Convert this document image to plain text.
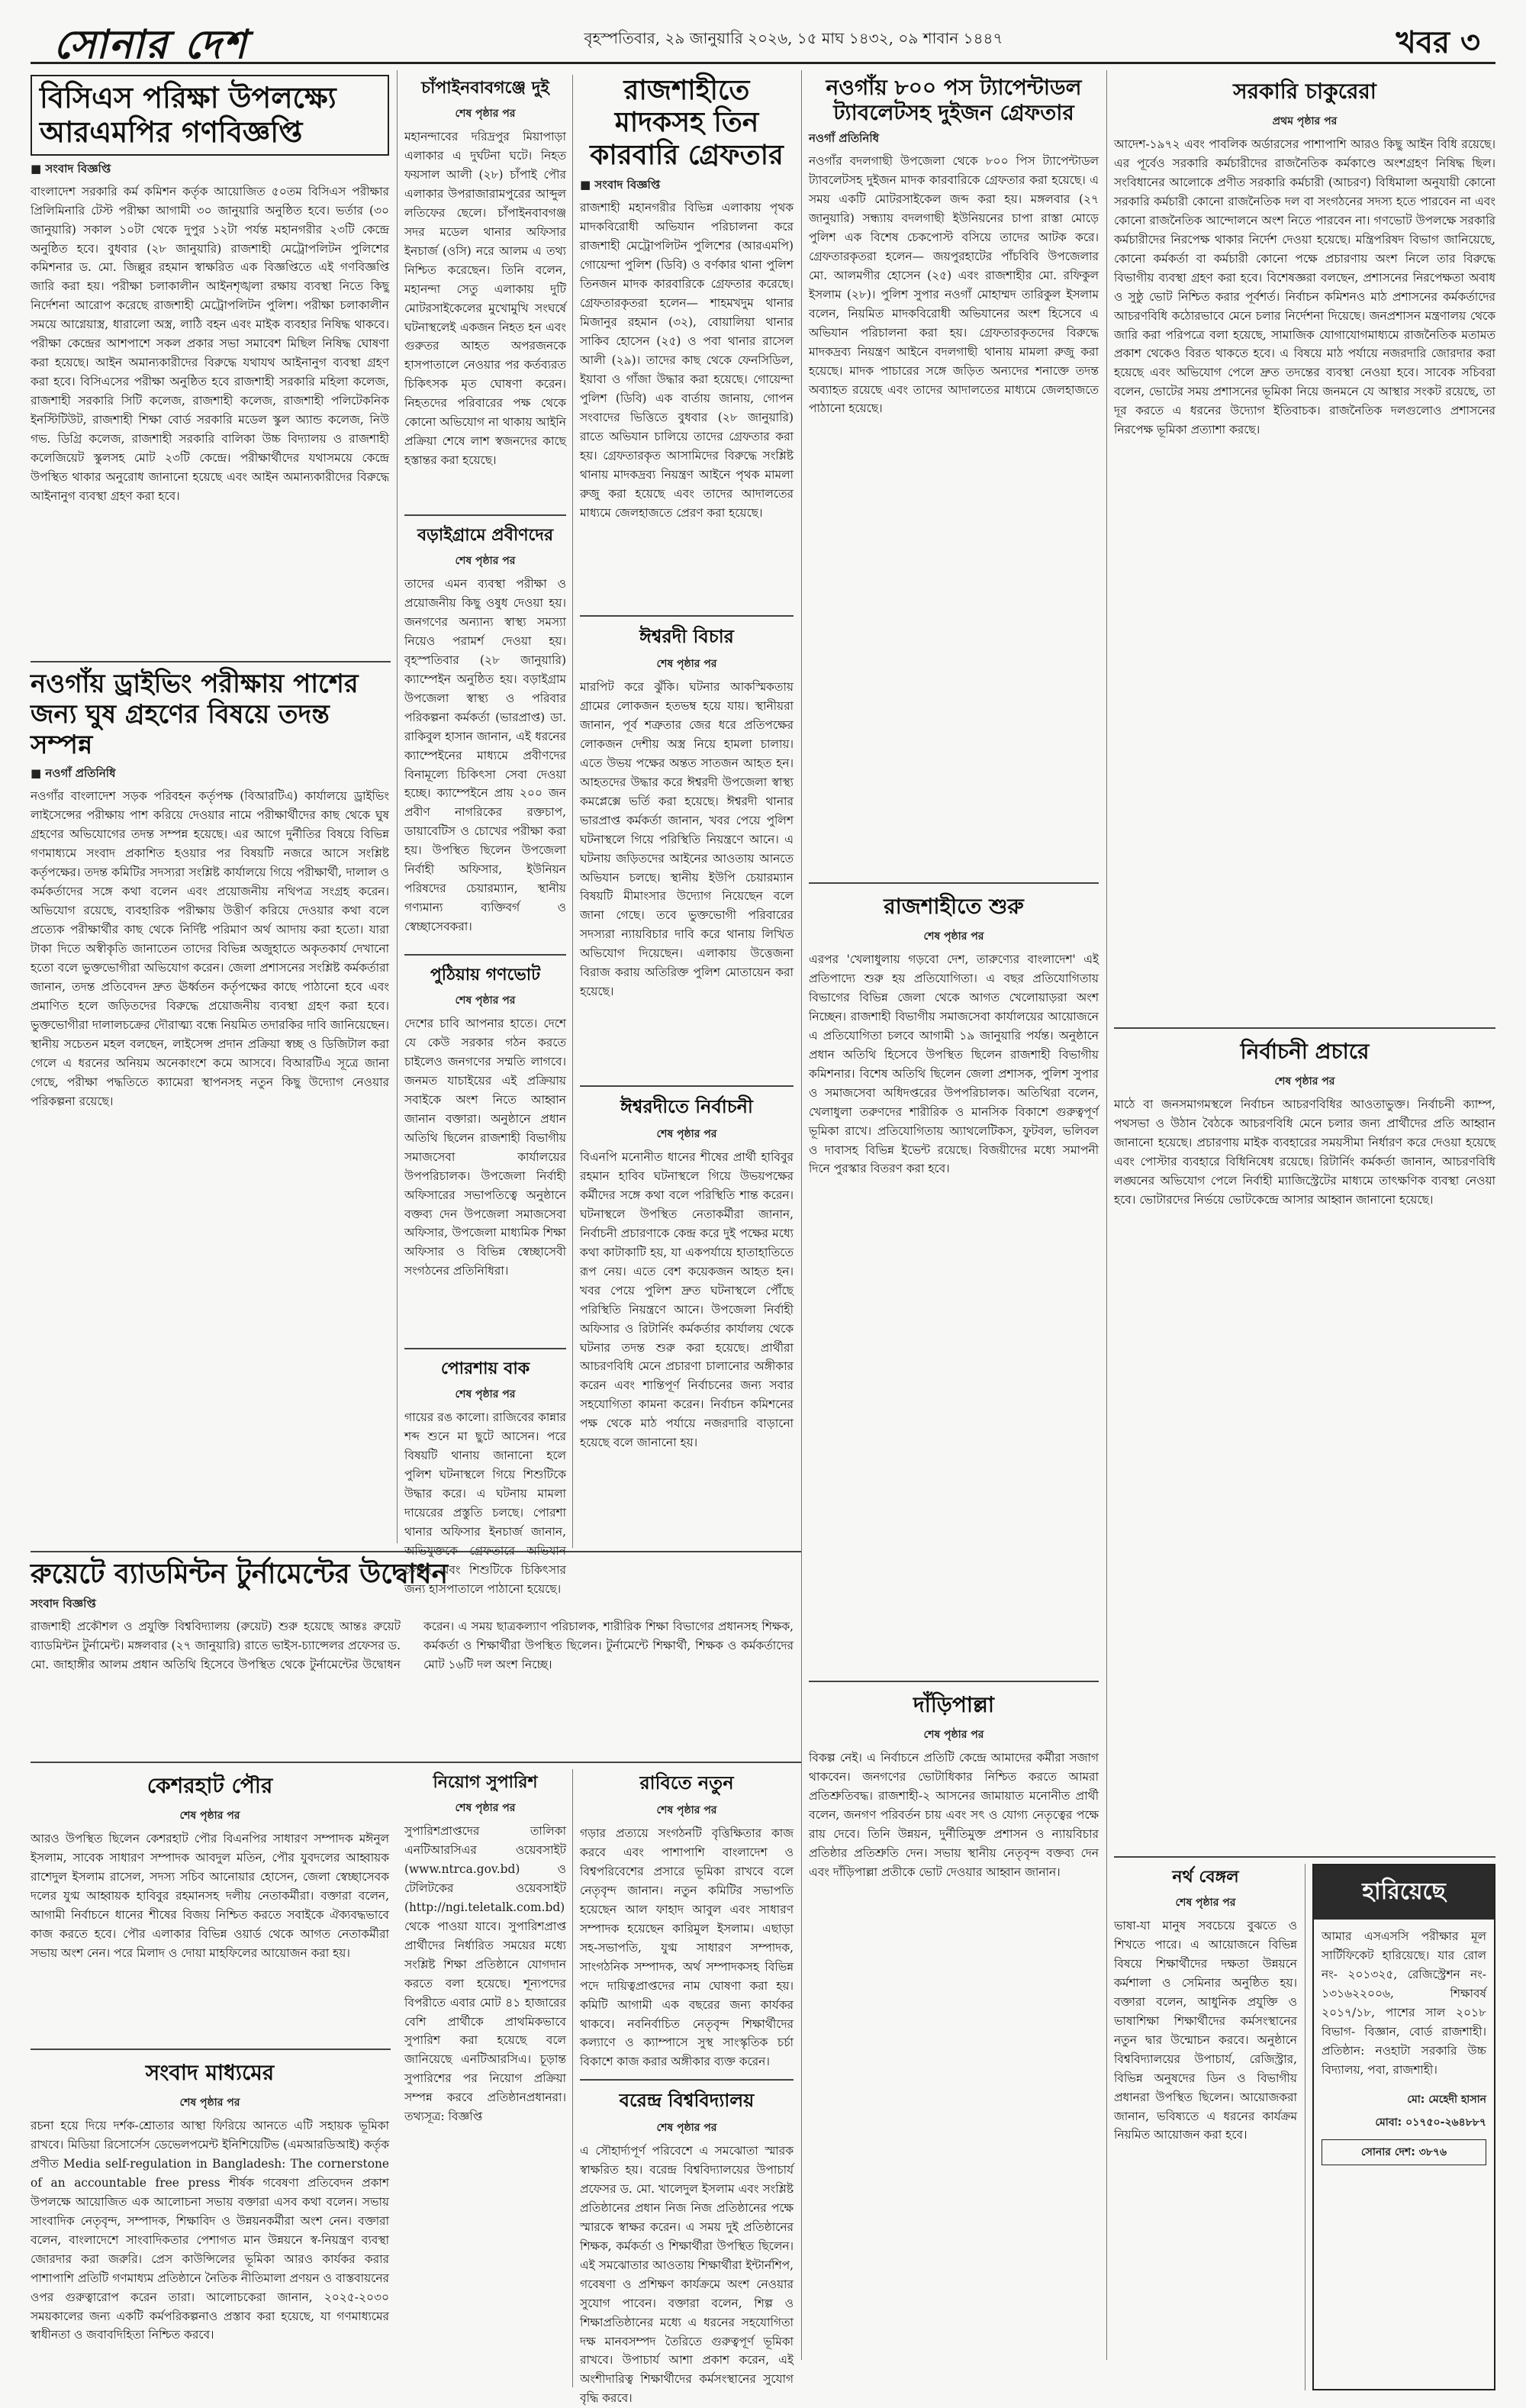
সোনার দেশ	বৃহস্পতিবার, ২৯ জানুয়ারি ২০২৬, ১৫ মাঘ ১৪৩২, ০৯ শাবান ১৪৪৭	খবর ৩
বিসিএস পরিক্ষা উপলক্ষ্যে আরএমপির গণবিজ্ঞপ্তি
■ সংবাদ বিজ্ঞপ্তি
বাংলাদেশ সরকারি কর্ম কমিশন কর্তৃক আয়োজিত ৫০তম বিসিএস পরীক্ষার প্রিলিমিনারি টেস্ট পরীক্ষা আগামী ৩০ জানুয়ারি অনুষ্ঠিত হবে। ভর্তার (৩০ জানুয়ারি) সকাল ১০টা থেকে দুপুর ১২টা পর্যন্ত মহানগরীর ২৩টি কেন্দ্রে অনুষ্ঠিত হবে। বুধবার (২৮ জানুয়ারি) রাজশাহী মেট্রোপলিটন পুলিশের কমিশনার ড. মো. জিল্লুর রহমান স্বাক্ষরিত এক বিজ্ঞপ্তিতে এই গণবিজ্ঞপ্তি জারি করা হয়। পরীক্ষা চলাকালীন আইনশৃঙ্খলা রক্ষায় ব্যবস্থা নিতে কিছু নির্দেশনা আরোপ করেছে রাজশাহী মেট্রোপলিটন পুলিশ। পরীক্ষা চলাকালীন সময়ে আগ্নেয়াস্ত্র, ধারালো অস্ত্র, লাঠি বহন এবং মাইক ব্যবহার নিষিদ্ধ থাকবে। পরীক্ষা কেন্দ্রের আশপাশে সকল প্রকার সভা সমাবেশ মিছিল নিষিদ্ধ ঘোষণা করা হয়েছে। আইন অমান্যকারীদের বিরুদ্ধে যথাযথ আইনানুগ ব্যবস্থা গ্রহণ করা হবে। বিসিএসের পরীক্ষা অনুষ্ঠিত হবে রাজশাহী সরকারি মহিলা কলেজ, রাজশাহী সরকারি সিটি কলেজ, রাজশাহী কলেজ, রাজশাহী পলিটেকনিক ইনস্টিটিউট, রাজশাহী শিক্ষা বোর্ড সরকারি মডেল স্কুল অ্যান্ড কলেজ, নিউ গভ. ডিগ্রি কলেজ, রাজশাহী সরকারি বালিকা উচ্চ বিদ্যালয় ও রাজশাহী কলেজিয়েট স্কুলসহ মোট ২৩টি কেন্দ্রে। পরীক্ষার্থীদের যথাসময়ে কেন্দ্রে উপস্থিত থাকার অনুরোধ জানানো হয়েছে এবং আইন অমান্যকারীদের বিরুদ্ধে আইনানুগ ব্যবস্থা গ্রহণ করা হবে।
নওগাঁয় ড্রাইভিং পরীক্ষায় পাশের জন্য ঘুষ গ্রহণের বিষয়ে তদন্ত সম্পন্ন
■ নওগাঁ প্রতিনিধি
নওগাঁর বাংলাদেশ সড়ক পরিবহন কর্তৃপক্ষ (বিআরটিএ) কার্যালয়ে ড্রাইভিং লাইসেন্সের পরীক্ষায় পাশ করিয়ে দেওয়ার নামে পরীক্ষার্থীদের কাছ থেকে ঘুষ গ্রহণের অভিযোগের তদন্ত সম্পন্ন হয়েছে। এর আগে দুর্নীতির বিষয়ে বিভিন্ন গণমাধ্যমে সংবাদ প্রকাশিত হওয়ার পর বিষয়টি নজরে আসে সংশ্লিষ্ট কর্তৃপক্ষের। তদন্ত কমিটির সদস্যরা সংশ্লিষ্ট কার্যালয়ে গিয়ে পরীক্ষার্থী, দালাল ও কর্মকর্তাদের সঙ্গে কথা বলেন এবং প্রয়োজনীয় নথিপত্র সংগ্রহ করেন। অভিযোগ রয়েছে, ব্যবহারিক পরীক্ষায় উত্তীর্ণ করিয়ে দেওয়ার কথা বলে প্রত্যেক পরীক্ষার্থীর কাছ থেকে নির্দিষ্ট পরিমাণ অর্থ আদায় করা হতো। যারা টাকা দিতে অস্বীকৃতি জানাতেন তাদের বিভিন্ন অজুহাতে অকৃতকার্য দেখানো হতো বলে ভুক্তভোগীরা অভিযোগ করেন। জেলা প্রশাসনের সংশ্লিষ্ট কর্মকর্তারা জানান, তদন্ত প্রতিবেদন দ্রুত ঊর্ধ্বতন কর্তৃপক্ষের কাছে পাঠানো হবে এবং প্রমাণিত হলে জড়িতদের বিরুদ্ধে প্রয়োজনীয় ব্যবস্থা গ্রহণ করা হবে। ভুক্তভোগীরা দালালচক্রের দৌরাত্ম্য বন্ধে নিয়মিত তদারকির দাবি জানিয়েছেন। স্থানীয় সচেতন মহল বলছেন, লাইসেন্স প্রদান প্রক্রিয়া স্বচ্ছ ও ডিজিটাল করা গেলে এ ধরনের অনিয়ম অনেকাংশে কমে আসবে। বিআরটিএ সূত্রে জানা গেছে, পরীক্ষা পদ্ধতিতে ক্যামেরা স্থাপনসহ নতুন কিছু উদ্যোগ নেওয়ার পরিকল্পনা রয়েছে।
রুয়েটে ব্যাডমিন্টন টুর্নামেন্টের উদ্বোধন
সংবাদ বিজ্ঞপ্তি
রাজশাহী প্রকৌশল ও প্রযুক্তি বিশ্ববিদ্যালয় (রুয়েট) শুরু হয়েছে আন্তঃ রুয়েট ব্যাডমিন্টন টুর্নামেন্ট। মঙ্গলবার (২৭ জানুয়ারি) রাতে ভাইস-চ্যান্সেলর প্রফেসর ড. মো. জাহাঙ্গীর আলম প্রধান অতিথি হিসেবে উপস্থিত থেকে টুর্নামেন্টের উদ্বোধন করেন। এ সময় ছাত্রকল্যাণ পরিচালক, শারীরিক শিক্ষা বিভাগের প্রধানসহ শিক্ষক, কর্মকর্তা ও শিক্ষার্থীরা উপস্থিত ছিলেন। টুর্নামেন্টে শিক্ষার্থী, শিক্ষক ও কর্মকর্তাদের মোট ১৬টি দল অংশ নিচ্ছে।
কেশরহাট পৌর
শেষ পৃষ্ঠার পর
আরও উপস্থিত ছিলেন কেশরহাট পৌর বিএনপির সাধারণ সম্পাদক মঈনুল ইসলাম, সাবেক সাধারণ সম্পাদক আবদুল মতিন, পৌর যুবদলের আহ্বায়ক রাশেদুল ইসলাম রাসেল, সদস্য সচিব আনোয়ার হোসেন, জেলা স্বেচ্ছাসেবক দলের যুগ্ম আহ্বায়ক হাবিবুর রহমানসহ দলীয় নেতাকর্মীরা। বক্তারা বলেন, আগামী নির্বাচনে ধানের শীষের বিজয় নিশ্চিত করতে সবাইকে ঐক্যবদ্ধভাবে কাজ করতে হবে। পৌর এলাকার বিভিন্ন ওয়ার্ড থেকে আগত নেতাকর্মীরা সভায় অংশ নেন। পরে মিলাদ ও দোয়া মাহফিলের আয়োজন করা হয়।
সংবাদ মাধ্যমের
শেষ পৃষ্ঠার পর
রচনা হয়ে দিয়ে দর্শক-শ্রোতার আস্থা ফিরিয়ে আনতে এটি সহায়ক ভূমিকা রাখবে। মিডিয়া রিসোর্সেস ডেভেলপমেন্ট ইনিশিয়েটিভ (এমআরডিআই) কর্তৃক প্রণীত Media self-regulation in Bangladesh: The cornerstone of an accountable free press শীর্ষক গবেষণা প্রতিবেদন প্রকাশ উপলক্ষে আয়োজিত এক আলোচনা সভায় বক্তারা এসব কথা বলেন। সভায় সাংবাদিক নেতৃবৃন্দ, সম্পাদক, শিক্ষাবিদ ও উন্নয়নকর্মীরা অংশ নেন। বক্তারা বলেন, বাংলাদেশে সাংবাদিকতার পেশাগত মান উন্নয়নে স্ব-নিয়ন্ত্রণ ব্যবস্থা জোরদার করা জরুরি। প্রেস কাউন্সিলের ভূমিকা আরও কার্যকর করার পাশাপাশি প্রতিটি গণমাধ্যম প্রতিষ্ঠানে নৈতিক নীতিমালা প্রণয়ন ও বাস্তবায়নের ওপর গুরুত্বারোপ করেন তারা। আলোচকেরা জানান, ২০২৫-২০৩০ সময়কালের জন্য একটি কর্মপরিকল্পনাও প্রস্তাব করা হয়েছে, যা গণমাধ্যমের স্বাধীনতা ও জবাবদিহিতা নিশ্চিত করবে।
চাঁপাইনবাবগঞ্জে দুই
শেষ পৃষ্ঠার পর
মহানন্দাবের দরিদ্রপুর মিয়াপাড়া এলাকার এ দুর্ঘটনা ঘটে। নিহত ফয়সাল আলী (২৮) চাঁপাই পৌর এলাকার উপরাজারামপুরের আব্দুল লতিফের ছেলে। চাঁপাইনবাবগঞ্জ সদর মডেল থানার অফিসার ইনচার্জ (ওসি) নরে আলম এ তথ্য নিশ্চিত করেছেন। তিনি বলেন, মহানন্দা সেতু এলাকায় দুটি মোটরসাইকেলের মুখোমুখি সংঘর্ষে ঘটনাস্থলেই একজন নিহত হন এবং গুরুতর আহত অপরজনকে হাসপাতালে নেওয়ার পর কর্তব্যরত চিকিৎসক মৃত ঘোষণা করেন। নিহতদের পরিবারের পক্ষ থেকে কোনো অভিযোগ না থাকায় আইনি প্রক্রিয়া শেষে লাশ স্বজনদের কাছে হস্তান্তর করা হয়েছে।
বড়াইগ্রামে প্রবীণদের
শেষ পৃষ্ঠার পর
তাদের এমন ব্যবস্থা পরীক্ষা ও প্রয়োজনীয় কিছু ওষুধ দেওয়া হয়। জনগণের অন্যান্য স্বাস্থ্য সমস্যা নিয়েও পরামর্শ দেওয়া হয়। বৃহস্পতিবার (২৮ জানুয়ারি) ক্যাম্পেইন অনুষ্ঠিত হয়। বড়াইগ্রাম উপজেলা স্বাস্থ্য ও পরিবার পরিকল্পনা কর্মকর্তা (ভারপ্রাপ্ত) ডা. রাকিবুল হাসান জানান, এই ধরনের ক্যাম্পেইনের মাধ্যমে প্রবীণদের বিনামূল্যে চিকিৎসা সেবা দেওয়া হচ্ছে। ক্যাম্পেইনে প্রায় ২০০ জন প্রবীণ নাগরিকের রক্তচাপ, ডায়াবেটিস ও চোখের পরীক্ষা করা হয়। উপস্থিত ছিলেন উপজেলা নির্বাহী অফিসার, ইউনিয়ন পরিষদের চেয়ারম্যান, স্থানীয় গণ্যমান্য ব্যক্তিবর্গ ও স্বেচ্ছাসেবকরা।
পুঠিয়ায় গণভোট
শেষ পৃষ্ঠার পর
দেশের চাবি আপনার হাতে। দেশে যে কেউ সরকার গঠন করতে চাইলেও জনগণের সম্মতি লাগবে। জনমত যাচাইয়ের এই প্রক্রিয়ায় সবাইকে অংশ নিতে আহ্বান জানান বক্তারা। অনুষ্ঠানে প্রধান অতিথি ছিলেন রাজশাহী বিভাগীয় সমাজসেবা কার্যালয়ের উপপরিচালক। উপজেলা নির্বাহী অফিসারের সভাপতিত্বে অনুষ্ঠানে বক্তব্য দেন উপজেলা সমাজসেবা অফিসার, উপজেলা মাধ্যমিক শিক্ষা অফিসার ও বিভিন্ন স্বেচ্ছাসেবী সংগঠনের প্রতিনিধিরা।
পোরশায় বাক
শেষ পৃষ্ঠার পর
গায়ের রঙ কালো। রাজিবের কান্নার শব্দ শুনে মা ছুটে আসেন। পরে বিষয়টি থানায় জানানো হলে পুলিশ ঘটনাস্থলে গিয়ে শিশুটিকে উদ্ধার করে। এ ঘটনায় মামলা দায়েরের প্রস্তুতি চলছে। পোরশা থানার অফিসার ইনচার্জ জানান, অভিযুক্তকে গ্রেফতারে অভিযান চলছে এবং শিশুটিকে চিকিৎসার জন্য হাসপাতালে পাঠানো হয়েছে।
নিয়োগ সুপারিশ
শেষ পৃষ্ঠার পর
সুপারিশপ্রাপ্তদের তালিকা এনটিআরসিএর ওয়েবসাইট (www.ntrca.gov.bd) ও টেলিটকের ওয়েবসাইট (http://ngi.teletalk.com.bd) থেকে পাওয়া যাবে। সুপারিশপ্রাপ্ত প্রার্থীদের নির্ধারিত সময়ের মধ্যে সংশ্লিষ্ট শিক্ষা প্রতিষ্ঠানে যোগদান করতে বলা হয়েছে। শূন্যপদের বিপরীতে এবার মোট ৪১ হাজারের বেশি প্রার্থীকে প্রাথমিকভাবে সুপারিশ করা হয়েছে বলে জানিয়েছে এনটিআরসিএ। চূড়ান্ত সুপারিশের পর নিয়োগ প্রক্রিয়া সম্পন্ন করবে প্রতিষ্ঠানপ্রধানরা। তথ্যসূত্র: বিজ্ঞপ্তি
রাজশাহীতে মাদকসহ তিন কারবারি গ্রেফতার
■ সংবাদ বিজ্ঞপ্তি
রাজশাহী মহানগরীর বিভিন্ন এলাকায় পৃথক মাদকবিরোধী অভিযান পরিচালনা করে রাজশাহী মেট্রোপলিটন পুলিশের (আরএমপি) গোয়েন্দা পুলিশ (ডিবি) ও বর্ণকার থানা পুলিশ তিনজন মাদক কারবারিকে গ্রেফতার করেছে। গ্রেফতারকৃতরা হলেন— শাহমখদুম থানার মিজানুর রহমান (৩২), বোয়ালিয়া থানার সাকিব হোসেন (২৫) ও পবা থানার রাসেল আলী (২৯)। তাদের কাছ থেকে ফেনসিডিল, ইয়াবা ও গাঁজা উদ্ধার করা হয়েছে। গোয়েন্দা পুলিশ (ডিবি) এক বার্তায় জানায়, গোপন সংবাদের ভিত্তিতে বুধবার (২৮ জানুয়ারি) রাতে অভিযান চালিয়ে তাদের গ্রেফতার করা হয়। গ্রেফতারকৃত আসামিদের বিরুদ্ধে সংশ্লিষ্ট থানায় মাদকদ্রব্য নিয়ন্ত্রণ আইনে পৃথক মামলা রুজু করা হয়েছে এবং তাদের আদালতের মাধ্যমে জেলহাজতে প্রেরণ করা হয়েছে।
ঈশ্বরদী বিচার
শেষ পৃষ্ঠার পর
মারপিট করে ঝুঁকি। ঘটনার আকস্মিকতায় গ্রামের লোকজন হতভম্ব হয়ে যায়। স্থানীয়রা জানান, পূর্ব শত্রুতার জের ধরে প্রতিপক্ষের লোকজন দেশীয় অস্ত্র নিয়ে হামলা চালায়। এতে উভয় পক্ষের অন্তত সাতজন আহত হন। আহতদের উদ্ধার করে ঈশ্বরদী উপজেলা স্বাস্থ্য কমপ্লেক্সে ভর্তি করা হয়েছে। ঈশ্বরদী থানার ভারপ্রাপ্ত কর্মকর্তা জানান, খবর পেয়ে পুলিশ ঘটনাস্থলে গিয়ে পরিস্থিতি নিয়ন্ত্রণে আনে। এ ঘটনায় জড়িতদের আইনের আওতায় আনতে অভিযান চলছে। স্থানীয় ইউপি চেয়ারম্যান বিষয়টি মীমাংসার উদ্যোগ নিয়েছেন বলে জানা গেছে। তবে ভুক্তভোগী পরিবারের সদস্যরা ন্যায়বিচার দাবি করে থানায় লিখিত অভিযোগ দিয়েছেন। এলাকায় উত্তেজনা বিরাজ করায় অতিরিক্ত পুলিশ মোতায়েন করা হয়েছে।
ঈশ্বরদীতে নির্বাচনী
শেষ পৃষ্ঠার পর
বিএনপি মনোনীত ধানের শীষের প্রার্থী হাবিবুর রহমান হাবিব ঘটনাস্থলে গিয়ে উভয়পক্ষের কর্মীদের সঙ্গে কথা বলে পরিস্থিতি শান্ত করেন। ঘটনাস্থলে উপস্থিত নেতাকর্মীরা জানান, নির্বাচনী প্রচারণাকে কেন্দ্র করে দুই পক্ষের মধ্যে কথা কাটাকাটি হয়, যা একপর্যায়ে হাতাহাতিতে রূপ নেয়। এতে বেশ কয়েকজন আহত হন। খবর পেয়ে পুলিশ দ্রুত ঘটনাস্থলে পৌঁছে পরিস্থিতি নিয়ন্ত্রণে আনে। উপজেলা নির্বাহী অফিসার ও রিটার্নিং কর্মকর্তার কার্যালয় থেকে ঘটনার তদন্ত শুরু করা হয়েছে। প্রার্থীরা আচরণবিধি মেনে প্রচারণা চালানোর অঙ্গীকার করেন এবং শান্তিপূর্ণ নির্বাচনের জন্য সবার সহযোগিতা কামনা করেন। নির্বাচন কমিশনের পক্ষ থেকে মাঠ পর্যায়ে নজরদারি বাড়ানো হয়েছে বলে জানানো হয়।
রাবিতে নতুন
শেষ পৃষ্ঠার পর
গড়ার প্রত্যয়ে সংগঠনটি বৃত্তিক্ষিতার কাজ করবে এবং পাশাপাশি বাংলাদেশ ও বিশ্বপরিবেশের প্রসারে ভূমিকা রাখবে বলে নেতৃবৃন্দ জানান। নতুন কমিটির সভাপতি হয়েছেন আল ফাহাদ আবুল এবং সাধারণ সম্পাদক হয়েছেন কারিমুল ইসলাম। এছাড়া সহ-সভাপতি, যুগ্ম সাধারণ সম্পাদক, সাংগঠনিক সম্পাদক, অর্থ সম্পাদকসহ বিভিন্ন পদে দায়িত্বপ্রাপ্তদের নাম ঘোষণা করা হয়। কমিটি আগামী এক বছরের জন্য কার্যকর থাকবে। নবনির্বাচিত নেতৃবৃন্দ শিক্ষার্থীদের কল্যাণে ও ক্যাম্পাসে সুস্থ সাংস্কৃতিক চর্চা বিকাশে কাজ করার অঙ্গীকার ব্যক্ত করেন।
বরেন্দ্র বিশ্ববিদ্যালয়
শেষ পৃষ্ঠার পর
এ সৌহার্দ্যপূর্ণ পরিবেশে এ সমঝোতা স্মারক স্বাক্ষরিত হয়। বরেন্দ্র বিশ্ববিদ্যালয়ের উপাচার্য প্রফেসর ড. মো. খালেদুল ইসলাম এবং সংশ্লিষ্ট প্রতিষ্ঠানের প্রধান নিজ নিজ প্রতিষ্ঠানের পক্ষে স্মারকে স্বাক্ষর করেন। এ সময় দুই প্রতিষ্ঠানের শিক্ষক, কর্মকর্তা ও শিক্ষার্থীরা উপস্থিত ছিলেন। এই সমঝোতার আওতায় শিক্ষার্থীরা ইন্টার্নশিপ, গবেষণা ও প্রশিক্ষণ কার্যক্রমে অংশ নেওয়ার সুযোগ পাবেন। বক্তারা বলেন, শিল্প ও শিক্ষাপ্রতিষ্ঠানের মধ্যে এ ধরনের সহযোগিতা দক্ষ মানবসম্পদ তৈরিতে গুরুত্বপূর্ণ ভূমিকা রাখবে। উপাচার্য আশা প্রকাশ করেন, এই অংশীদারিত্ব শিক্ষার্থীদের কর্মসংস্থানের সুযোগ বৃদ্ধি করবে।
নওগাঁয় ৮০০ পস ট্যাপেন্টাডল ট্যাবলেটসহ দুইজন গ্রেফতার
নওগাঁ প্রতিনিধি
নওগাঁর বদলগাছী উপজেলা থেকে ৮০০ পিস ট্যাপেন্টাডল ট্যাবলেটসহ দুইজন মাদক কারবারিকে গ্রেফতার করা হয়েছে। এ সময় একটি মোটরসাইকেল জব্দ করা হয়। মঙ্গলবার (২৭ জানুয়ারি) সন্ধ্যায় বদলগাছী ইউনিয়নের চাপা রাস্তা মোড়ে পুলিশ এক বিশেষ চেকপোস্ট বসিয়ে তাদের আটক করে। গ্রেফতারকৃতরা হলেন— জয়পুরহাটের পাঁচবিবি উপজেলার মো. আলমগীর হোসেন (২৫) এবং রাজশাহীর মো. রফিকুল ইসলাম (২৮)। পুলিশ সুপার নওগাঁ মোহাম্মদ তারিকুল ইসলাম বলেন, নিয়মিত মাদকবিরোধী অভিযানের অংশ হিসেবে এ অভিযান পরিচালনা করা হয়। গ্রেফতারকৃতদের বিরুদ্ধে মাদকদ্রব্য নিয়ন্ত্রণ আইনে বদলগাছী থানায় মামলা রুজু করা হয়েছে। মাদক পাচারের সঙ্গে জড়িত অন্যদের শনাক্তে তদন্ত অব্যাহত রয়েছে এবং তাদের আদালতের মাধ্যমে জেলহাজতে পাঠানো হয়েছে।
রাজশাহীতে শুরু
শেষ পৃষ্ঠার পর
এরপর 'খেলাধুলায় গড়বো দেশ, তারুণ্যের বাংলাদেশ' এই প্রতিপাদ্যে শুরু হয় প্রতিযোগিতা। এ বছর প্রতিযোগিতায় বিভাগের বিভিন্ন জেলা থেকে আগত খেলোয়াড়রা অংশ নিচ্ছেন। রাজশাহী বিভাগীয় সমাজসেবা কার্যালয়ের আয়োজনে এ প্রতিযোগিতা চলবে আগামী ১৯ জানুয়ারি পর্যন্ত। অনুষ্ঠানে প্রধান অতিথি হিসেবে উপস্থিত ছিলেন রাজশাহী বিভাগীয় কমিশনার। বিশেষ অতিথি ছিলেন জেলা প্রশাসক, পুলিশ সুপার ও সমাজসেবা অধিদপ্তরের উপপরিচালক। অতিথিরা বলেন, খেলাধুলা তরুণদের শারীরিক ও মানসিক বিকাশে গুরুত্বপূর্ণ ভূমিকা রাখে। প্রতিযোগিতায় অ্যাথলেটিকস, ফুটবল, ভলিবল ও দাবাসহ বিভিন্ন ইভেন্ট রয়েছে। বিজয়ীদের মধ্যে সমাপনী দিনে পুরস্কার বিতরণ করা হবে।
দাঁড়িপাল্লা
শেষ পৃষ্ঠার পর
বিকল্প নেই। এ নির্বাচনে প্রতিটি কেন্দ্রে আমাদের কর্মীরা সজাগ থাকবেন। জনগণের ভোটাধিকার নিশ্চিত করতে আমরা প্রতিশ্রুতিবদ্ধ। রাজশাহী-২ আসনের জামায়াত মনোনীত প্রার্থী বলেন, জনগণ পরিবর্তন চায় এবং সৎ ও যোগ্য নেতৃত্বের পক্ষে রায় দেবে। তিনি উন্নয়ন, দুর্নীতিমুক্ত প্রশাসন ও ন্যায়বিচার প্রতিষ্ঠার প্রতিশ্রুতি দেন। সভায় স্থানীয় নেতৃবৃন্দ বক্তব্য দেন এবং দাঁড়িপাল্লা প্রতীকে ভোট দেওয়ার আহ্বান জানান।
সরকারি চাকুরেরা
প্রথম পৃষ্ঠার পর
আদেশ-১৯৭২ এবং পাবলিক অর্ডারসের পাশাপাশি আরও কিছু আইন বিধি রয়েছে। এর পূর্বেও সরকারি কর্মচারীদের রাজনৈতিক কর্মকাণ্ডে অংশগ্রহণ নিষিদ্ধ ছিল। সংবিধানের আলোকে প্রণীত সরকারি কর্মচারী (আচরণ) বিধিমালা অনুযায়ী কোনো সরকারি কর্মচারী কোনো রাজনৈতিক দল বা সংগঠনের সদস্য হতে পারবেন না এবং কোনো রাজনৈতিক আন্দোলনে অংশ নিতে পারবেন না। গণভোট উপলক্ষে সরকারি কর্মচারীদের নিরপেক্ষ থাকার নির্দেশ দেওয়া হয়েছে। মন্ত্রিপরিষদ বিভাগ জানিয়েছে, কোনো কর্মকর্তা বা কর্মচারী কোনো পক্ষে প্রচারণায় অংশ নিলে তার বিরুদ্ধে বিভাগীয় ব্যবস্থা গ্রহণ করা হবে। বিশেষজ্ঞরা বলছেন, প্রশাসনের নিরপেক্ষতা অবাধ ও সুষ্ঠু ভোট নিশ্চিত করার পূর্বশর্ত। নির্বাচন কমিশনও মাঠ প্রশাসনের কর্মকর্তাদের আচরণবিধি কঠোরভাবে মেনে চলার নির্দেশনা দিয়েছে। জনপ্রশাসন মন্ত্রণালয় থেকে জারি করা পরিপত্রে বলা হয়েছে, সামাজিক যোগাযোগমাধ্যমে রাজনৈতিক মতামত প্রকাশ থেকেও বিরত থাকতে হবে। এ বিষয়ে মাঠ পর্যায়ে নজরদারি জোরদার করা হয়েছে এবং অভিযোগ পেলে দ্রুত তদন্তের ব্যবস্থা নেওয়া হবে। সাবেক সচিবরা বলেন, ভোটের সময় প্রশাসনের ভূমিকা নিয়ে জনমনে যে আস্থার সংকট রয়েছে, তা দূর করতে এ ধরনের উদ্যোগ ইতিবাচক। রাজনৈতিক দলগুলোও প্রশাসনের নিরপেক্ষ ভূমিকা প্রত্যাশা করছে।
নির্বাচনী প্রচারে
শেষ পৃষ্ঠার পর
মাঠে বা জনসমাগমস্থলে নির্বাচন আচরণবিধির আওতাভুক্ত। নির্বাচনী ক্যাম্প, পথসভা ও উঠান বৈঠকে আচরণবিধি মেনে চলার জন্য প্রার্থীদের প্রতি আহ্বান জানানো হয়েছে। প্রচারণায় মাইক ব্যবহারের সময়সীমা নির্ধারণ করে দেওয়া হয়েছে এবং পোস্টার ব্যবহারে বিধিনিষেধ রয়েছে। রিটার্নিং কর্মকর্তা জানান, আচরণবিধি লঙ্ঘনের অভিযোগ পেলে নির্বাহী ম্যাজিস্ট্রেটের মাধ্যমে তাৎক্ষণিক ব্যবস্থা নেওয়া হবে। ভোটারদের নির্ভয়ে ভোটকেন্দ্রে আসার আহ্বান জানানো হয়েছে।
নর্থ বেঙ্গল
শেষ পৃষ্ঠার পর
ভাষা-যা মানুষ সবচেয়ে বুঝতে ও শিখতে পারে। এ আয়োজনে বিভিন্ন বিষয়ে শিক্ষার্থীদের দক্ষতা উন্নয়নে কর্মশালা ও সেমিনার অনুষ্ঠিত হয়। বক্তারা বলেন, আধুনিক প্রযুক্তি ও ভাষাশিক্ষা শিক্ষার্থীদের কর্মসংস্থানের নতুন দ্বার উন্মোচন করবে। অনুষ্ঠানে বিশ্ববিদ্যালয়ের উপাচার্য, রেজিস্ট্রার, বিভিন্ন অনুষদের ডিন ও বিভাগীয় প্রধানরা উপস্থিত ছিলেন। আয়োজকরা জানান, ভবিষ্যতে এ ধরনের কার্যক্রম নিয়মিত আয়োজন করা হবে।
হারিয়েছে
আমার এসএসসি পরীক্ষার মূল সার্টিফিকেট হারিয়েছে। যার রোল নং- ২০১৩২৫, রেজিস্ট্রেশন নং- ১৩১৬২২০০৬, শিক্ষাবর্ষ ২০১৭/১৮, পাশের সাল ২০১৮ বিভাগ- বিজ্ঞান, বোর্ড রাজশাহী। প্রতিষ্ঠান: নওহাটা সরকারি উচ্চ বিদ্যালয়, পবা, রাজশাহী।
মো: মেহেদী হাসান
মোবা: ০১৭৫০-২৬৪৮৮৭
সোনার দেশ: ৩৮৭৬
